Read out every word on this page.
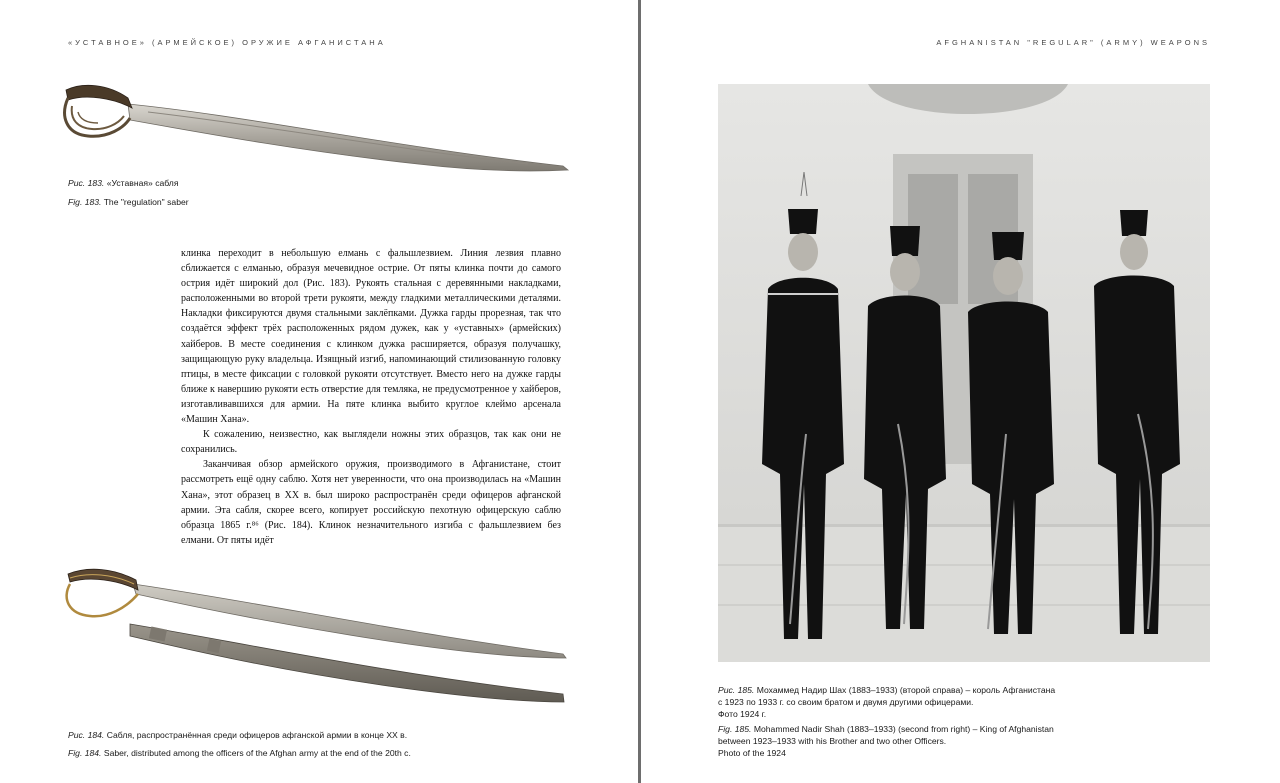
«УСТАВНОЕ» (АРМЕЙСКОЕ) ОРУЖИЕ АФГАНИСТАНА
Рис. 183. «Уставная» сабля
Fig. 183. The "regulation" saber

клинка переходит в небольшую елмань с фальшлезвием. Линия лезвия плавно сближается с елманью, образуя мечевидное острие. От пяты клинка почти до самого острия идёт широкий дол (Рис. 183). Рукоять стальная с деревянными накладками, расположенными во второй трети рукояти, между гладкими металлическими деталями. Накладки фиксируются двумя стальными заклёпками. Дужка гарды прорезная, так что создаётся эффект трёх расположенных рядом дужек, как у «уставных» (армейских) хайберов. В месте соединения с клинком дужка расширяется, образуя получашку, защищающую руку владельца. Изящный изгиб, напоминающий стилизованную головку птицы, в месте фиксации с головкой рукояти отсутствует. Вместо него на дужке гарды ближе к навершию рукояти есть отверстие для темляка, не предусмотренное у хайберов, изготавливавшихся для армии. На пяте клинка выбито круглое клеймо арсенала «Машин Хана».

К сожалению, неизвестно, как выглядели ножны этих образцов, так как они не сохранились.

Заканчивая обзор армейского оружия, производимого в Афганистане, стоит рассмотреть ещё одну саблю. Хотя нет уверенности, что она производилась на «Машин Хана», этот образец в ХХ в. был широко распространён среди офицеров афганской армии. Эта сабля, скорее всего, копирует российскую пехотную офицерскую саблю образца 1865 г.⁸⁶ (Рис. 184). Клинок незначительного изгиба с фальшлезвием без елмани. От пяты идёт

Рис. 184. Сабля, распространённая среди офицеров афганской армии в конце ХХ в.
Fig. 184. Saber, distributed among the officers of the Afghan army at the end of the 20th c.
AFGHANISTAN "REGULAR" (ARMY) WEAPONS
Рис. 185. Мохаммед Надир Шах (1883–1933) (второй справа) – король Афганистана
с 1923 по 1933 г. со своим братом и двумя другими офицерами.
Фото 1924 г.
Fig. 185. Mohammed Nadir Shah (1883–1933) (second from right) – King of Afghanistan
between 1923–1933 with his Brother and two other Officers.
Photo of the 1924
